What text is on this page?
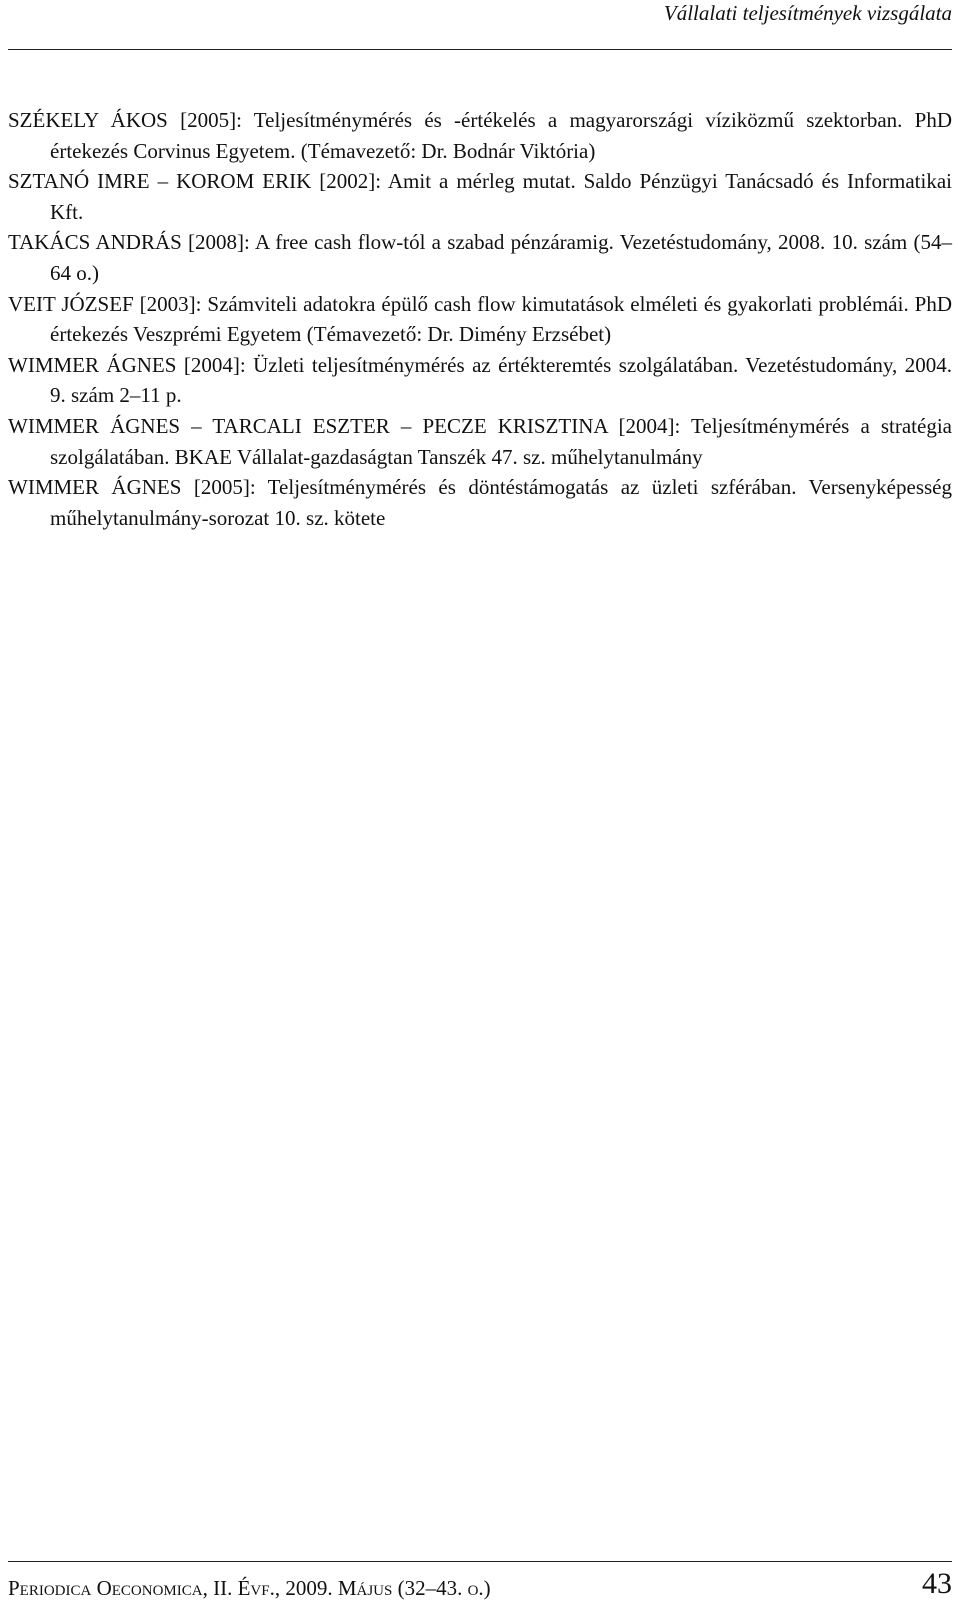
Vállalati teljesítmények vizsgálata

SZÉKELY ÁKOS [2005]: Teljesítménymérés és -értékelés a magyarországi víziközmű szektorban. PhD értekezés Corvinus Egyetem. (Témavezető: Dr. Bodnár Viktória)

SZTANÓ IMRE – KOROM ERIK [2002]: Amit a mérleg mutat. Saldo Pénzügyi Tanácsadó és Informatikai Kft.

TAKÁCS ANDRÁS [2008]: A free cash flow-tól a szabad pénzáramig. Vezetéstudomány, 2008. 10. szám (54–64 o.)

VEIT JÓZSEF [2003]: Számviteli adatokra épülő cash flow kimutatások elméleti és gyakorlati problémái. PhD értekezés Veszprémi Egyetem (Témavezető: Dr. Dimény Erzsébet)

WIMMER ÁGNES [2004]: Üzleti teljesítménymérés az értékteremtés szolgálatában. Vezetéstudomány, 2004. 9. szám 2–11 p.

WIMMER ÁGNES – TARCALI ESZTER – PECZE KRISZTINA [2004]: Teljesítménymérés a stratégia szolgálatában. BKAE Vállalat-gazdaságtan Tanszék 47. sz. műhelytanulmány

WIMMER ÁGNES [2005]: Teljesítménymérés és döntéstámogatás az üzleti szférában. Versenyképesség műhelytanulmány-sorozat 10. sz. kötete

Periodica Oeconomica, II. Évf., 2009. Május (32–43. o.)	43
